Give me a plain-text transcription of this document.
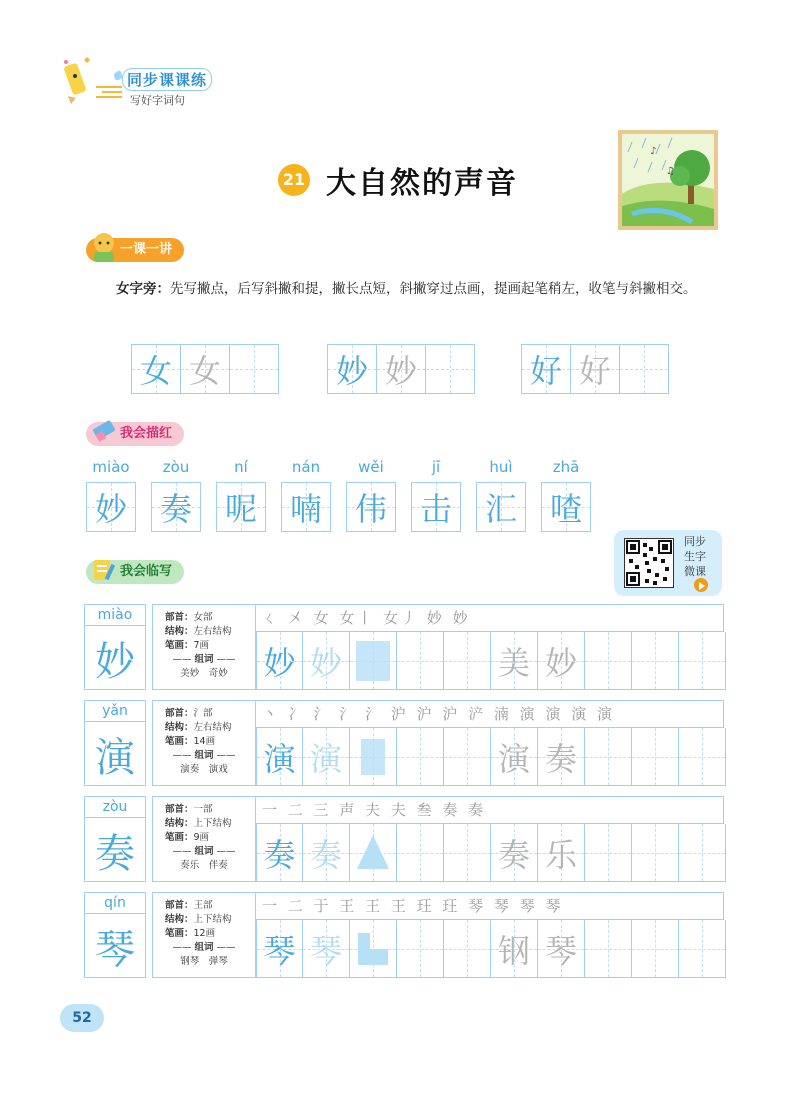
同步课课练
写好字词句
21 大自然的声音
♪
♫
一课一讲
女字旁：先写撇点，后写斜撇和提，撇长点短，斜撇穿过点画，提画起笔稍左，收笔与斜撇相交。
女 女	妙 妙	好 好
我会描红
miào	zòu	ní	nán	wěi	jī	huì	zhā
妙 奏 呢 喃 伟 击 汇 喳
同步生字微课
我会临写
miào
妙
部首：女部
结构：左右结构
笔画：7画
—— 组词 ——
美妙　奇妙
ㄑ 㐅 女 女丨 女丿 妙 妙
妙 妙	美 妙
yǎn
演
部首：氵部
结构：左右结构
笔画：14画
—— 组词 ——
演奏　演戏
丶 冫 氵 氵 氵 沪 沪 沪 浐 湳 演 演 演 演
演 演	演 奏
zòu
奏
部首：一部
结构：上下结构
笔画：9画
—— 组词 ——
奏乐　伴奏
一 二 三 声 夫 夫 叁 奏 奏
奏 奏	奏 乐
qín
琴
部首：王部
结构：上下结构
笔画：12画
—— 组词 ——
钢琴　弹琴
一 二 于 王 王 王 玨 玨 琴 琴 琴 琴
琴 琴	钢 琴
52
